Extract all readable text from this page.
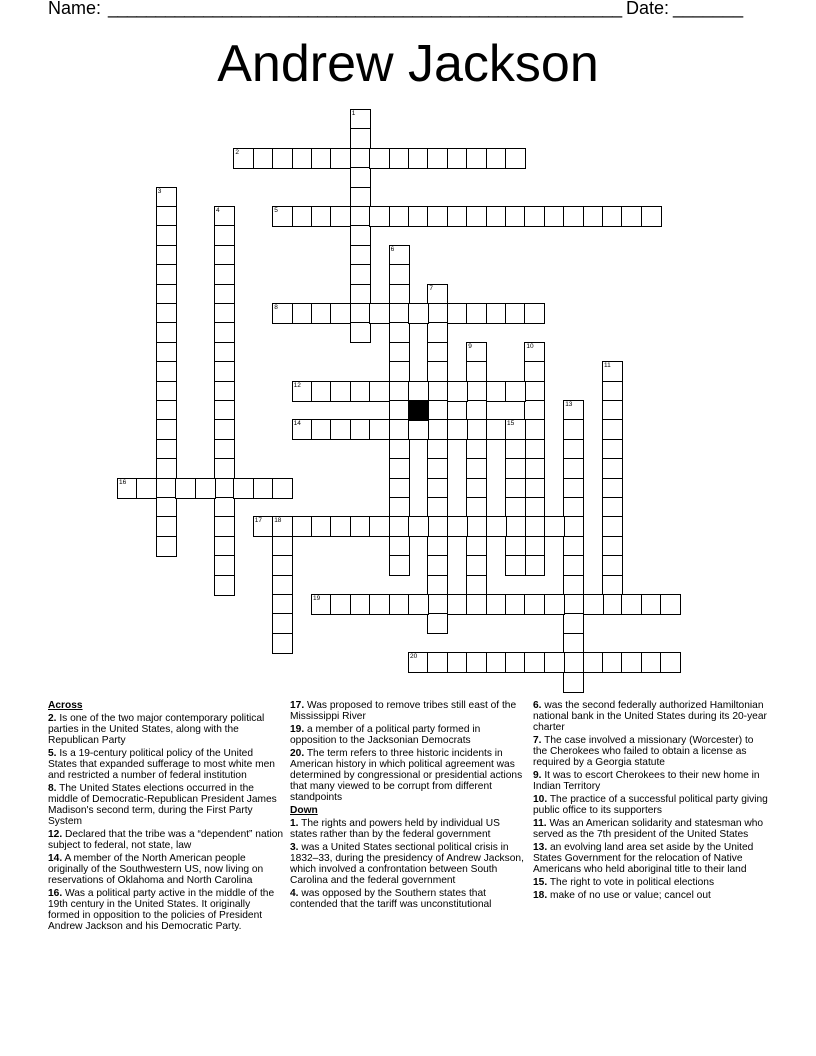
Name: ______________________________________________________ Date: _______
Andrew Jackson
1
2
3
4	5
6
7
8
9	10
11
12
13
14	15
16
17 18
19
20
Across
2. Is one of the two major contemporary political parties in the United States, along with the Republican Party
5. Is a 19-century political policy of the United States that expanded sufferage to most white men and restricted a number of federal institution
8. The United States elections occurred in the middle of Democratic-Republican President James Madison's second term, during the First Party System
12. Declared that the tribe was a “dependent” nation subject to federal, not state, law
14. A member of the North American people originally of the Southwestern US, now living on reservations of Oklahoma and North Carolina
16. Was a political party active in the middle of the 19th century in the United States. It originally formed in opposition to the policies of President Andrew Jackson and his Democratic Party.
17. Was proposed to remove tribes still east of the Mississippi River
19. a member of a political party formed in opposition to the Jacksonian Democrats
20. The term refers to three historic incidents in American history in which political agreement was determined by congressional or presidential actions that many viewed to be corrupt from different standpoints
Down
1. The rights and powers held by individual US states rather than by the federal government
3. was a United States sectional political crisis in 1832–33, during the presidency of Andrew Jackson, which involved a confrontation between South Carolina and the federal government
4. was opposed by the Southern states that contended that the tariff was unconstitutional
6. was the second federally authorized Hamiltonian national bank in the United States during its 20-year charter
7. The case involved a missionary (Worcester) to the Cherokees who failed to obtain a license as required by a Georgia statute
9. It was to escort Cherokees to their new home in Indian Territory
10. The practice of a successful political party giving public office to its supporters
11. Was an American solidarity and statesman who served as the 7th president of the United States
13. an evolving land area set aside by the United States Government for the relocation of Native Americans who held aboriginal title to their land
15. The right to vote in political elections
18. make of no use or value; cancel out
